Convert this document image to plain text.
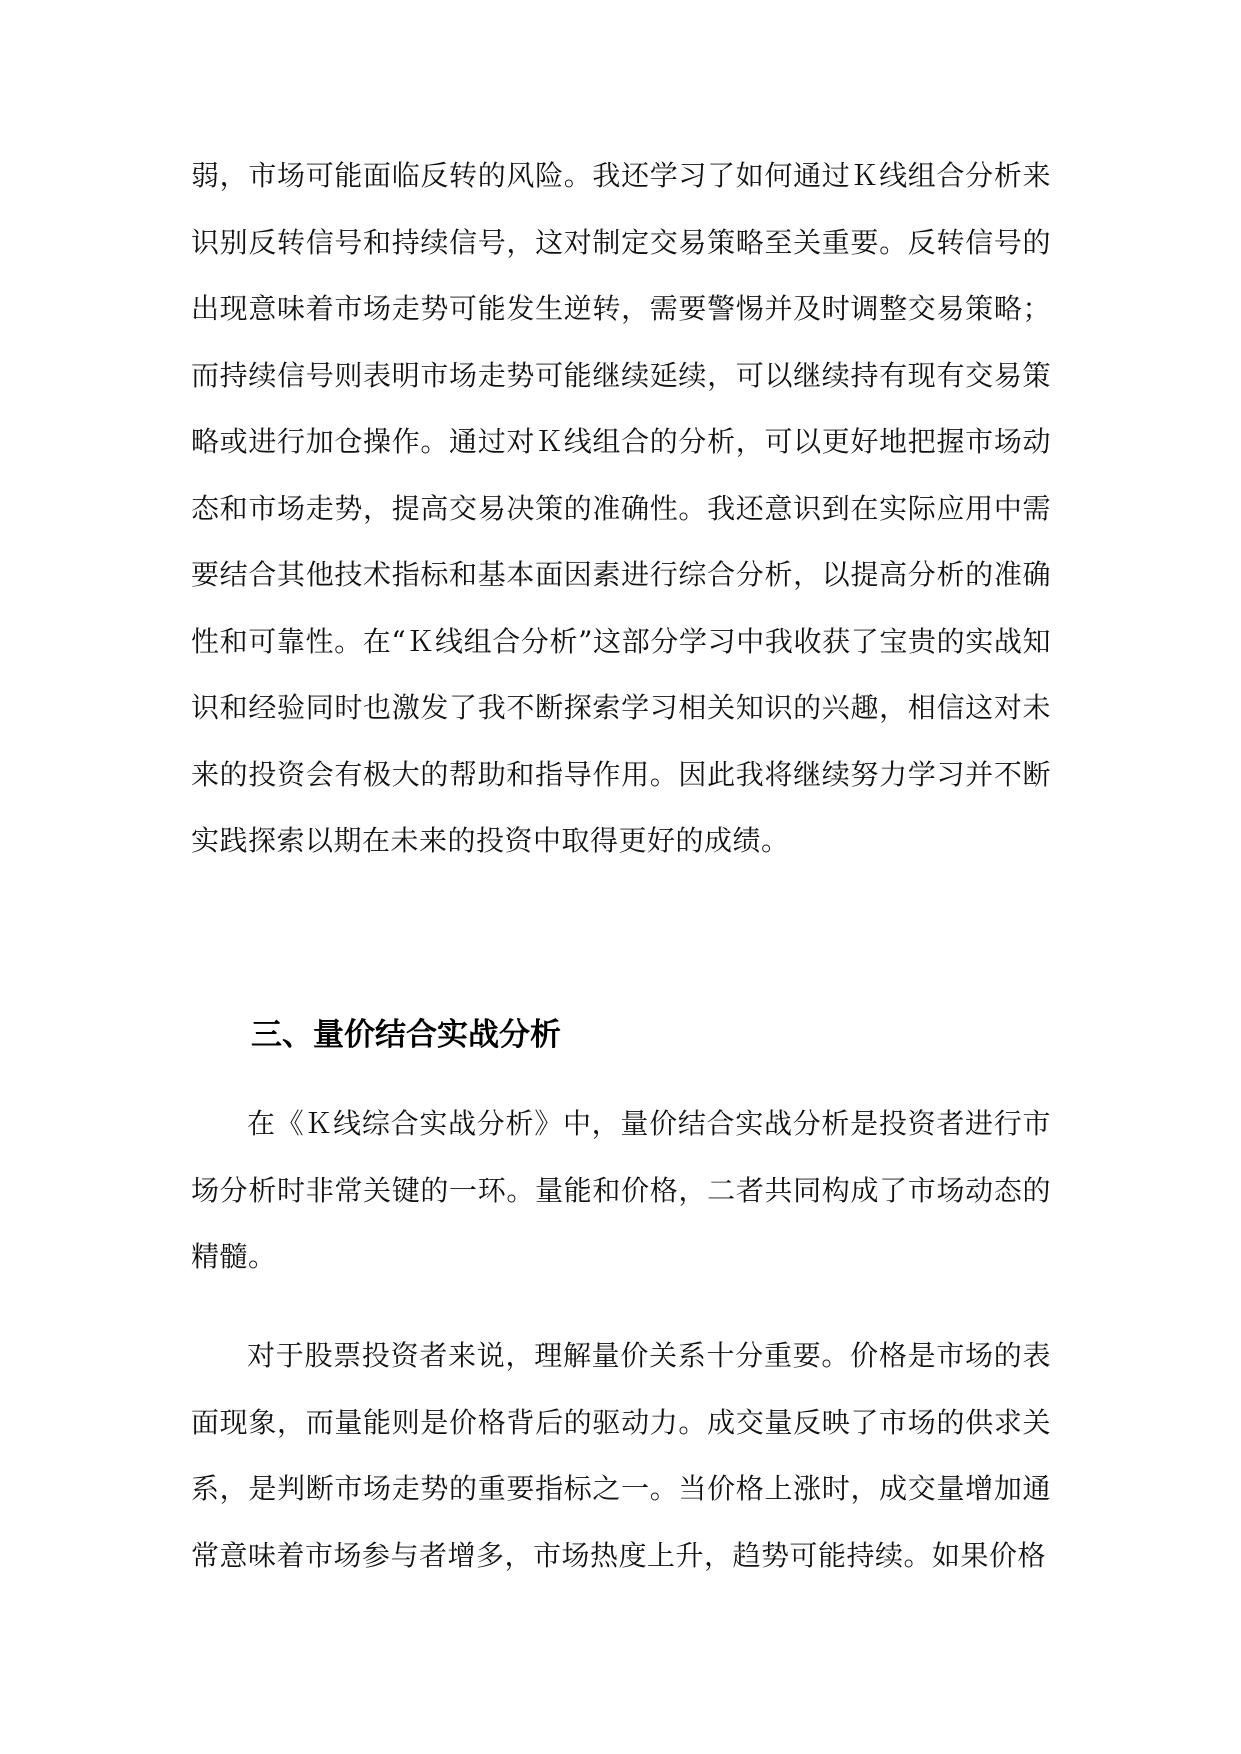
弱，市场可能面临反转的风险。我还学习了如何通过Ｋ线组合分析来识别反转信号和持续信号，这对制定交易策略至关重要。反转信号的出现意味着市场走势可能发生逆转，需要警惕并及时调整交易策略；而持续信号则表明市场走势可能继续延续，可以继续持有现有交易策略或进行加仓操作。通过对Ｋ线组合的分析，可以更好地把握市场动态和市场走势，提高交易决策的准确性。我还意识到在实际应用中需要结合其他技术指标和基本面因素进行综合分析，以提高分析的准确性和可靠性。在“Ｋ线组合分析”这部分学习中我收获了宝贵的实战知识和经验同时也激发了我不断探索学习相关知识的兴趣，相信这对未来的投资会有极大的帮助和指导作用。因此我将继续努力学习并不断实践探索以期在未来的投资中取得更好的成绩。

三、量价结合实战分析

在《Ｋ线综合实战分析》中，量价结合实战分析是投资者进行市场分析时非常关键的一环。量能和价格，二者共同构成了市场动态的精髓。

对于股票投资者来说，理解量价关系十分重要。价格是市场的表面现象，而量能则是价格背后的驱动力。成交量反映了市场的供求关系，是判断市场走势的重要指标之一。当价格上涨时，成交量增加通常意味着市场参与者增多，市场热度上升，趋势可能持续。如果价格
